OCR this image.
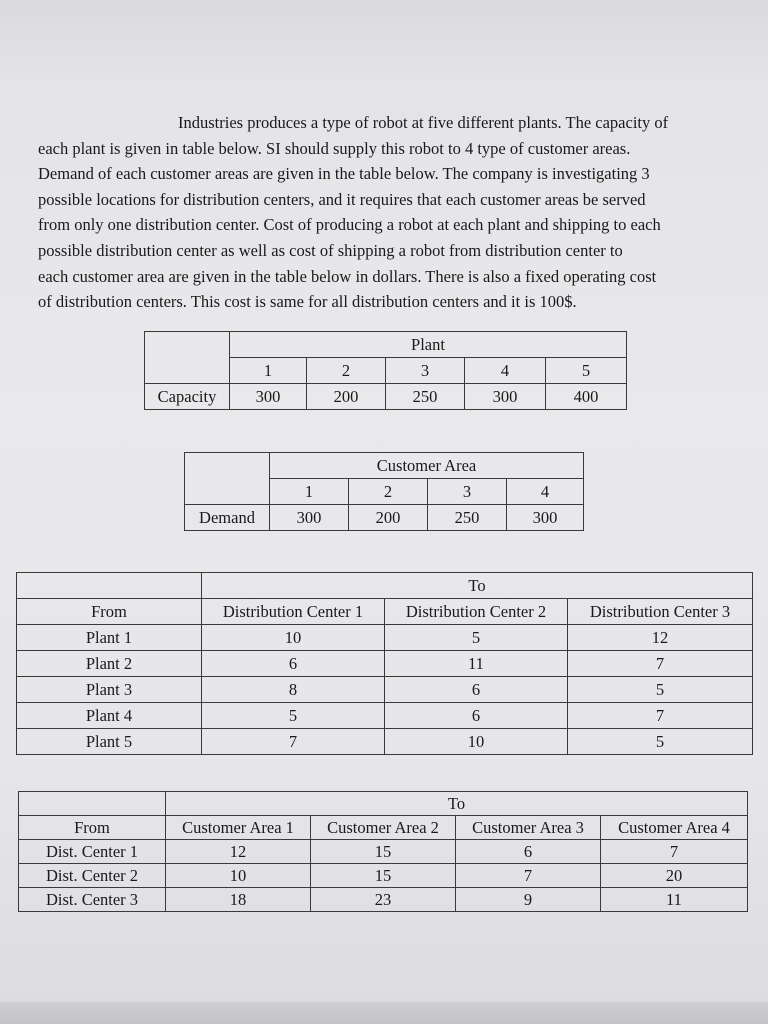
Industries produces a type of robot at five different plants. The capacity of
each plant is given in table below. SI should supply this robot to 4 type of customer areas.
Demand of each customer areas are given in the table below. The company is investigating 3
possible locations for distribution centers, and it requires that each customer areas be served
from only one distribution center. Cost of producing a robot at each plant and shipping to each
possible distribution center as well as cost of shipping a robot from distribution center to
each customer area are given in the table below in dollars. There is also a fixed operating cost
of distribution centers. This cost is same for all distribution centers and it is 100$.
	Plant				
	1	2	3	4	5
Capacity	300	200	250	300	400
	Customer Area			
	1	2	3	4
Demand	300	200	250	300
	To		
From	Distribution Center 1	Distribution Center 2	Distribution Center 3
Plant 1	10	5	12
Plant 2	6	11	7
Plant 3	8	6	5
Plant 4	5	6	7
Plant 5	7	10	5
	To			
From	Customer Area 1	Customer Area 2	Customer Area 3	Customer Area 4
Dist. Center 1	12	15	6	7
Dist. Center 2	10	15	7	20
Dist. Center 3	18	23	9	11
